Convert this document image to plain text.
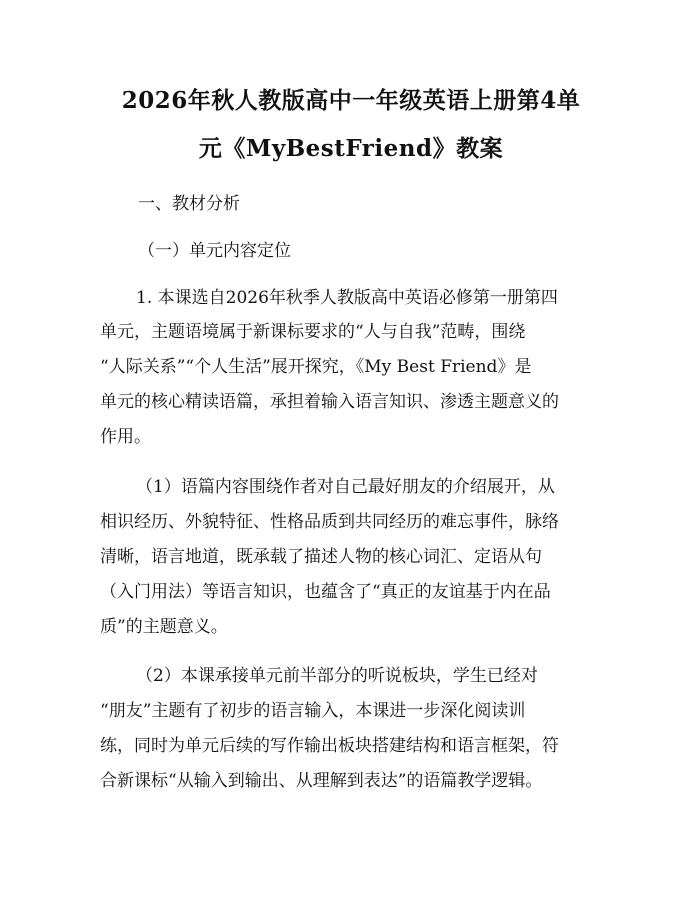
2026年秋人教版高中一年级英语上册第4单
元《MyBestFriend》教案
一、教材分析
（一）单元内容定位
1. 本课选自2026年秋季人教版高中英语必修第一册第四
单元，主题语境属于新课标要求的“人与自我”范畴，围绕
“人际关系”“个人生活”展开探究，《My Best Friend》是
单元的核心精读语篇，承担着输入语言知识、渗透主题意义的
作用。
（1）语篇内容围绕作者对自己最好朋友的介绍展开，从
相识经历、外貌特征、性格品质到共同经历的难忘事件，脉络
清晰，语言地道，既承载了描述人物的核心词汇、定语从句
（入门用法）等语言知识，也蕴含了“真正的友谊基于内在品
质”的主题意义。
（2）本课承接单元前半部分的听说板块，学生已经对
“朋友”主题有了初步的语言输入，本课进一步深化阅读训
练，同时为单元后续的写作输出板块搭建结构和语言框架，符
合新课标“从输入到输出、从理解到表达”的语篇教学逻辑。
